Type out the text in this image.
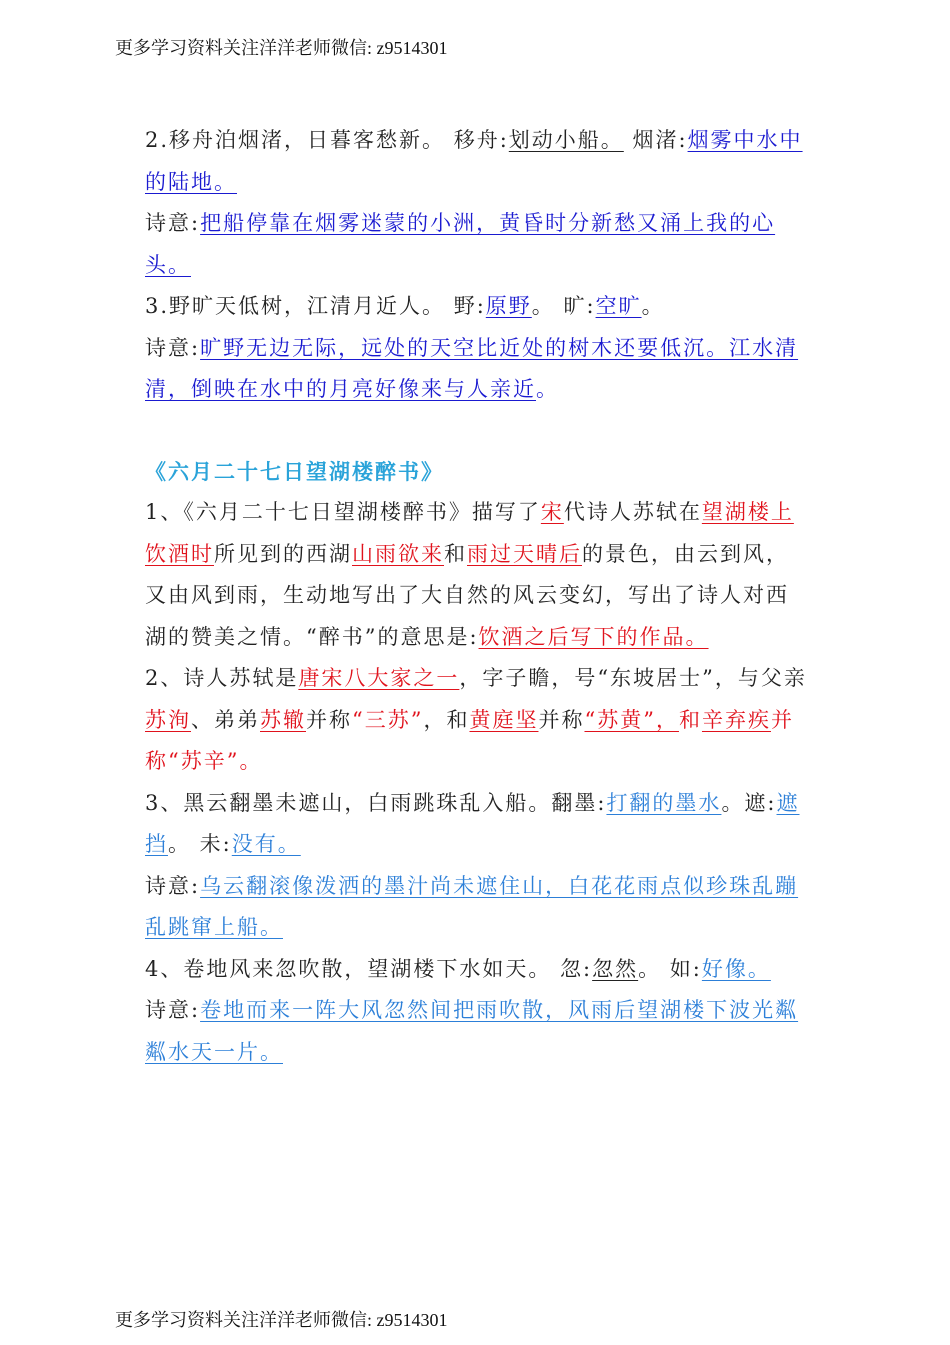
更多学习资料关注洋洋老师微信: z9514301

2.移舟泊烟渚，日暮客愁新。 移舟:划动小船。 烟渚:烟雾中水中的陆地。

诗意:把船停靠在烟雾迷蒙的小洲，黄昏时分新愁又涌上我的心头。

3.野旷天低树，江清月近人。 野:原野。 旷:空旷。

诗意:旷野无边无际，远处的天空比近处的树木还要低沉。江水清清，倒映在水中的月亮好像来与人亲近。

《六月二十七日望湖楼醉书》

1、《六月二十七日望湖楼醉书》描写了宋代诗人苏轼在望湖楼上饮酒时所见到的西湖山雨欲来和雨过天晴后的景色，由云到风，又由风到雨，生动地写出了大自然的风云变幻，写出了诗人对西湖的赞美之情。“醉书”的意思是:饮酒之后写下的作品。

2、诗人苏轼是唐宋八大家之一，字子瞻，号“东坡居士”，与父亲苏洵、弟弟苏辙并称“三苏”，和黄庭坚并称“苏黄”，和辛弃疾并称“苏辛”。

3、黑云翻墨未遮山，白雨跳珠乱入船。翻墨:打翻的墨水。遮:遮挡。 未:没有。

诗意:乌云翻滚像泼洒的墨汁尚未遮住山，白花花雨点似珍珠乱蹦乱跳窜上船。

4、卷地风来忽吹散，望湖楼下水如天。 忽:忽然。 如:好像。

诗意:卷地而来一阵大风忽然间把雨吹散，风雨后望湖楼下波光粼粼水天一片。

更多学习资料关注洋洋老师微信: z9514301
